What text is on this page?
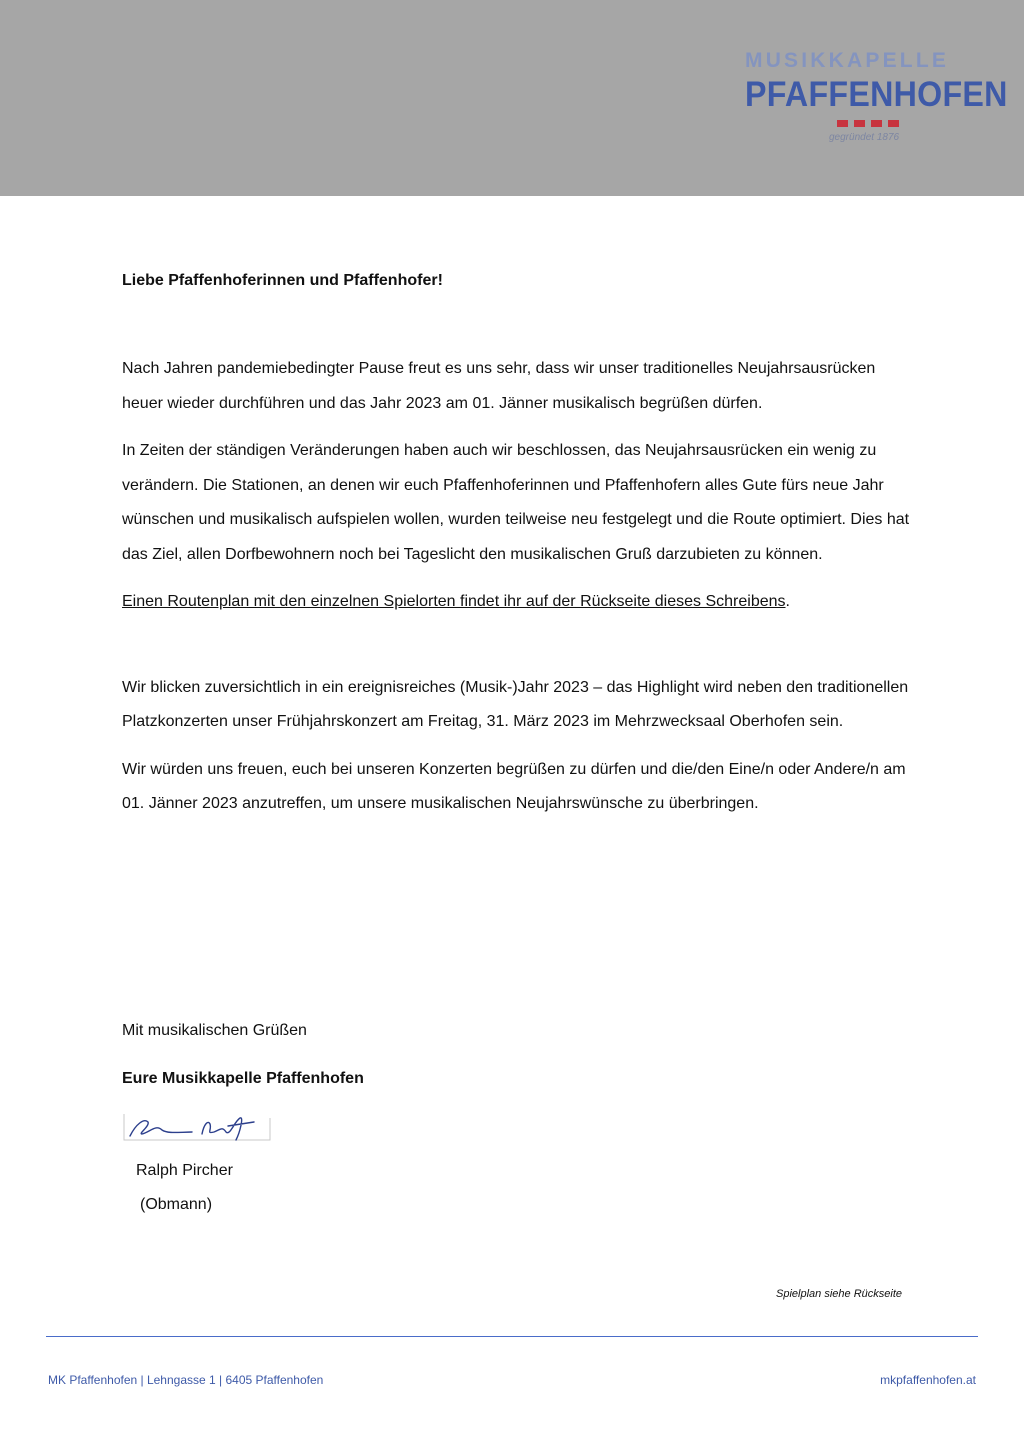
MUSIKKAPELLE
PFAFFENHOFEN
gegründet 1876

Liebe Pfaffenhoferinnen und Pfaffenhofer!

Nach Jahren pandemiebedingter Pause freut es uns sehr, dass wir unser traditionelles Neujahrsausrücken heuer wieder durchführen und das Jahr 2023 am 01. Jänner musikalisch begrüßen dürfen.

In Zeiten der ständigen Veränderungen haben auch wir beschlossen, das Neujahrsausrücken ein wenig zu verändern. Die Stationen, an denen wir euch Pfaffenhoferinnen und Pfaffenhofern alles Gute fürs neue Jahr wünschen und musikalisch aufspielen wollen, wurden teilweise neu festgelegt und die Route optimiert. Dies hat das Ziel, allen Dorfbewohnern noch bei Tageslicht den musikalischen Gruß darzubieten zu können.

Einen Routenplan mit den einzelnen Spielorten findet ihr auf der Rückseite dieses Schreibens.

Wir blicken zuversichtlich in ein ereignisreiches (Musik-)Jahr 2023 – das Highlight wird neben den traditionellen Platzkonzerten unser Frühjahrskonzert am Freitag, 31. März 2023 im Mehrzwecksaal Oberhofen sein.

Wir würden uns freuen, euch bei unseren Konzerten begrüßen zu dürfen und die/den Eine/n oder Andere/n am 01. Jänner 2023 anzutreffen, um unsere musikalischen Neujahrswünsche zu überbringen.

Mit musikalischen Grüßen

Eure Musikkapelle Pfaffenhofen

Ralph Pircher
(Obmann)
Spielplan siehe Rückseite
MK Pfaffenhofen | Lehngasse 1 | 6405 Pfaffenhofen	mkpfaffenhofen.at
